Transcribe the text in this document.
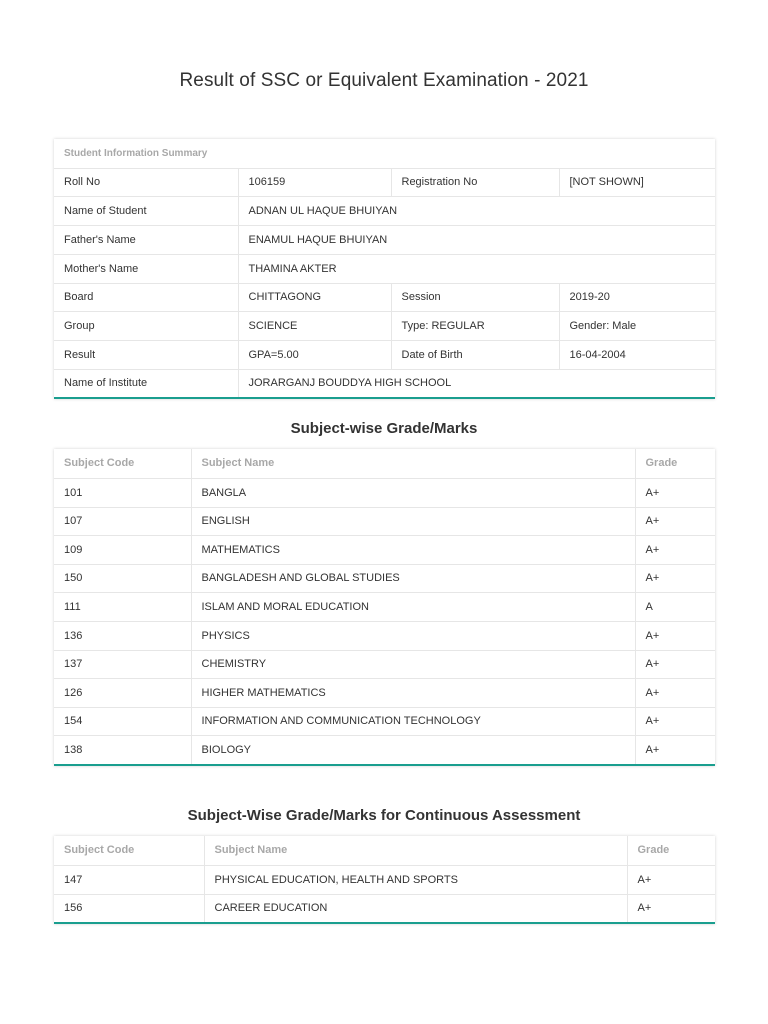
Result of SSC or Equivalent Examination - 2021
Student Information Summary			
Roll No	106159	Registration No	[NOT SHOWN]
Name of Student	ADNAN UL HAQUE BHUIYAN		
Father's Name	ENAMUL HAQUE BHUIYAN		
Mother's Name	THAMINA AKTER		
Board	CHITTAGONG	Session	2019-20
Group	SCIENCE	Type: REGULAR	Gender: Male
Result	GPA=5.00	Date of Birth	16-04-2004
Name of Institute	JORARGANJ BOUDDYA HIGH SCHOOL		
Subject-wise Grade/Marks
Subject Code	Subject Name	Grade
101	BANGLA	A+
107	ENGLISH	A+
109	MATHEMATICS	A+
150	BANGLADESH AND GLOBAL STUDIES	A+
111	ISLAM AND MORAL EDUCATION	A
136	PHYSICS	A+
137	CHEMISTRY	A+
126	HIGHER MATHEMATICS	A+
154	INFORMATION AND COMMUNICATION TECHNOLOGY	A+
138	BIOLOGY	A+
Subject-Wise Grade/Marks for Continuous Assessment
Subject Code	Subject Name	Grade
147	PHYSICAL EDUCATION, HEALTH AND SPORTS	A+
156	CAREER EDUCATION	A+
